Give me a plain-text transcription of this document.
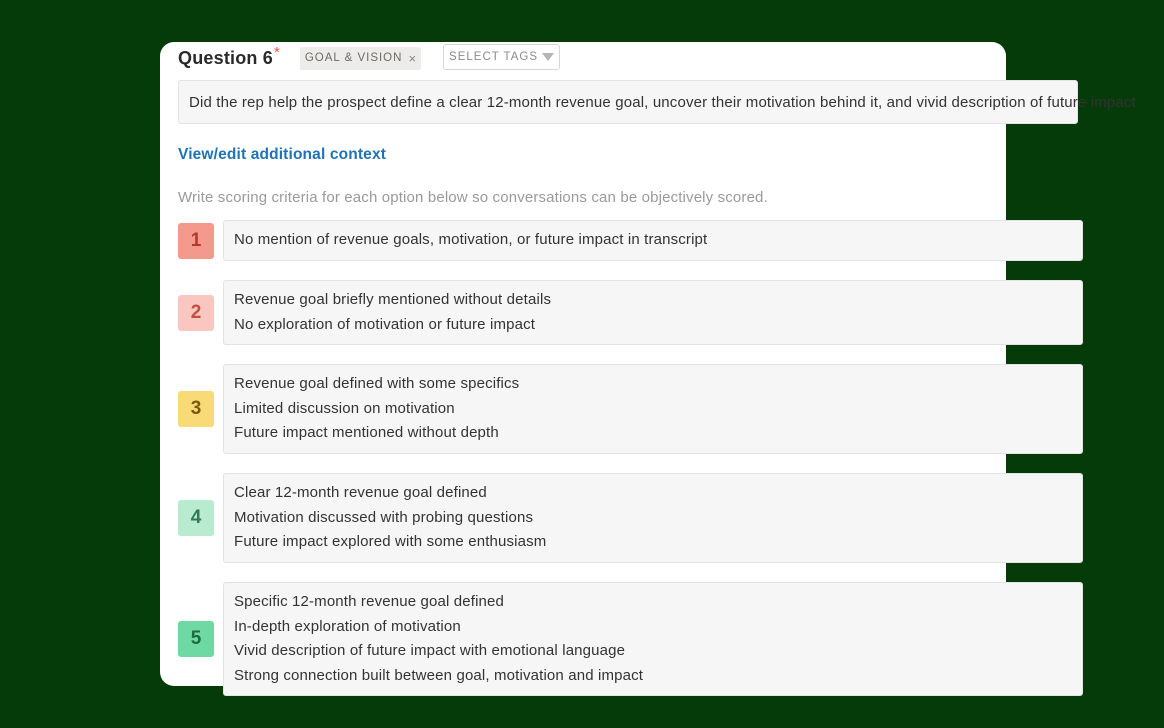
Question 6 * GOAL & VISION ×	SELECT TAGS
Did the rep help the prospect define a clear 12-month revenue goal, uncover their motivation behind it, and vivid description of future impact
View/edit additional context
Write scoring criteria for each option below so conversations can be objectively scored.
1	No mention of revenue goals, motivation, or future impact in transcript
2
Revenue goal briefly mentioned without details
No exploration of motivation or future impact
3
Revenue goal defined with some specifics
Limited discussion on motivation
Future impact mentioned without depth
4
Clear 12-month revenue goal defined
Motivation discussed with probing questions
Future impact explored with some enthusiasm
5
Specific 12-month revenue goal defined
In-depth exploration of motivation
Vivid description of future impact with emotional language
Strong connection built between goal, motivation and impact
